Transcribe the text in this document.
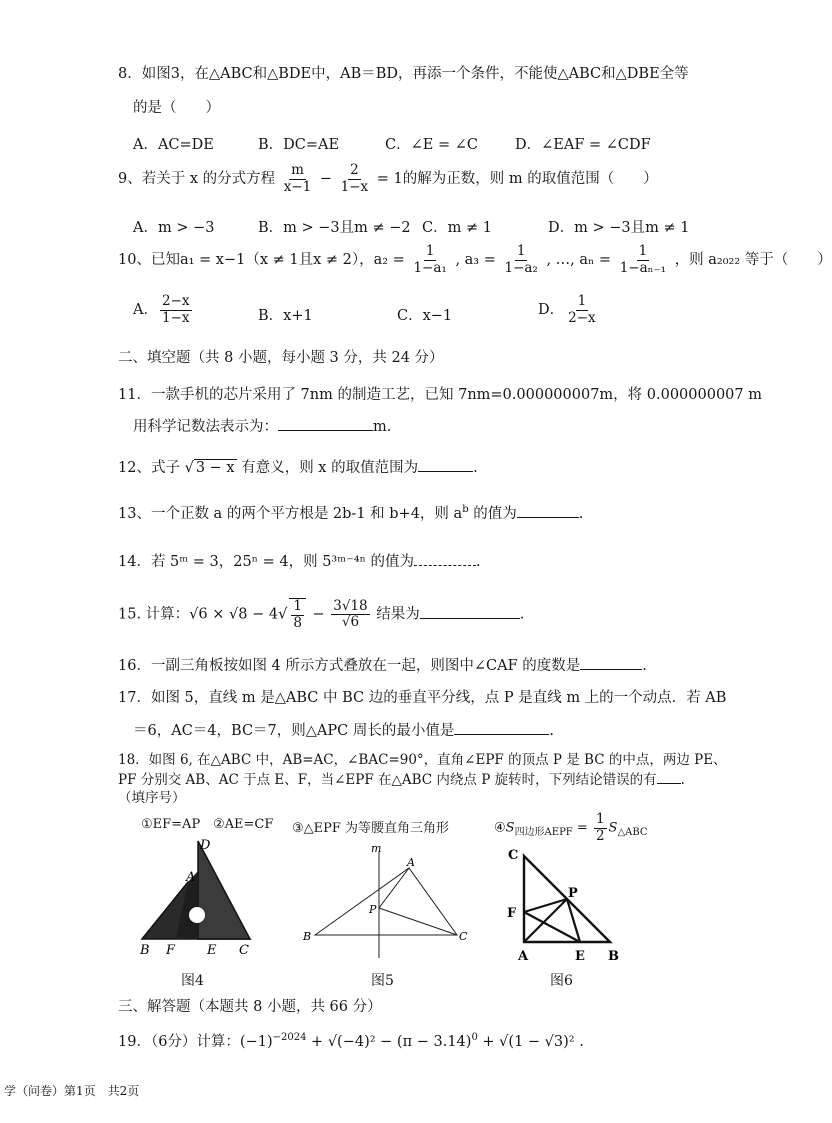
8．如图3，在△ABC和△BDE中，AB＝BD，再添一个条件，不能使△ABC和△DBE全等
的是（　　）
A．AC=DE	B．DC=AE	C．∠E = ∠C	D．∠EAF = ∠CDF
9、若关于 x 的分式方程 $\frac{m}{x-1} - \frac{2}{1-x} = 1$的解为正数，则 m 的取值范围（　　）
A．m > −3	B．m > −3且m ≠ −2 C．m ≠ 1	D．m > −3且m ≠ 1
10、已知a₁ = x−1（x ≠ 1且x ≠ 2），$a_2 = \frac{1}{\text{1−a₁}}$ , $a_3 = \frac{1}{\text{1−a₂}}$ , …, $a_n = \frac{1}{\text{1−aₙ₋₁}}$ ，则 a₂₀₂₂ 等于（　　）
A． $\frac{2-x}{1-x}$	B．x+1	C．x−1	D． $\frac{1}{2-x}$
二、填空题（共 8 小题，每小题 3 分，共 24 分）
11．一款手机的芯片采用了 7nm 的制造工艺，已知 7nm=0.000000007m，将 0.000000007 m
用科学记数法表示为：	m.
12、式子 √ 3 − x 有意义，则 x 的取值范围为	.
13、一个正数 a 的两个平方根是 2b-1 和 b+4，则 $a^b$ 的值为	.
14．若 5ᵐ = 3，25ⁿ = 4，则 5³ᵐ⁻⁴ⁿ 的值为	.
15. 计算：$√6 \times √8 - 4√ \frac{1}{8} - \frac{3√18}{√6}$ 结果为	.
16．一副三角板按如图 4 所示方式叠放在一起，则图中∠CAF 的度数是	.
17．如图 5，直线 m 是△ABC 中 BC 边的垂直平分线，点 P 是直线 m 上的一个动点．若 AB
＝6，AC＝4，BC＝7，则△APC 周长的最小值是	.
18．如图 6, 在△ABC 中，AB=AC，∠BAC=90°，直角∠EPF 的顶点 P 是 BC 的中点，两边 PE、
PF 分别交 AB、AC 于点 E、F，当∠EPF 在△ABC 内绕点 P 旋转时，下列结论错误的有 .
（填序号）
①EF=AP ②AE=CF ③△EPF 为等腰直角三角形	$④S_{四边形AEPF} = \frac{1}{2} S_{\triangle ABC}$
D
A
B F E C
图4
m
A
P
B	C
图5
C
P
F
A	E B
图6
三、解答题（本题共 8 小题，共 66 分）
19．（6分）计算：$(-1)^{-2024} + √(-4)^2 - (\pi - 3.14)^0 + √(1 - √3)^2$ .
学（问卷）第1页　共2页
